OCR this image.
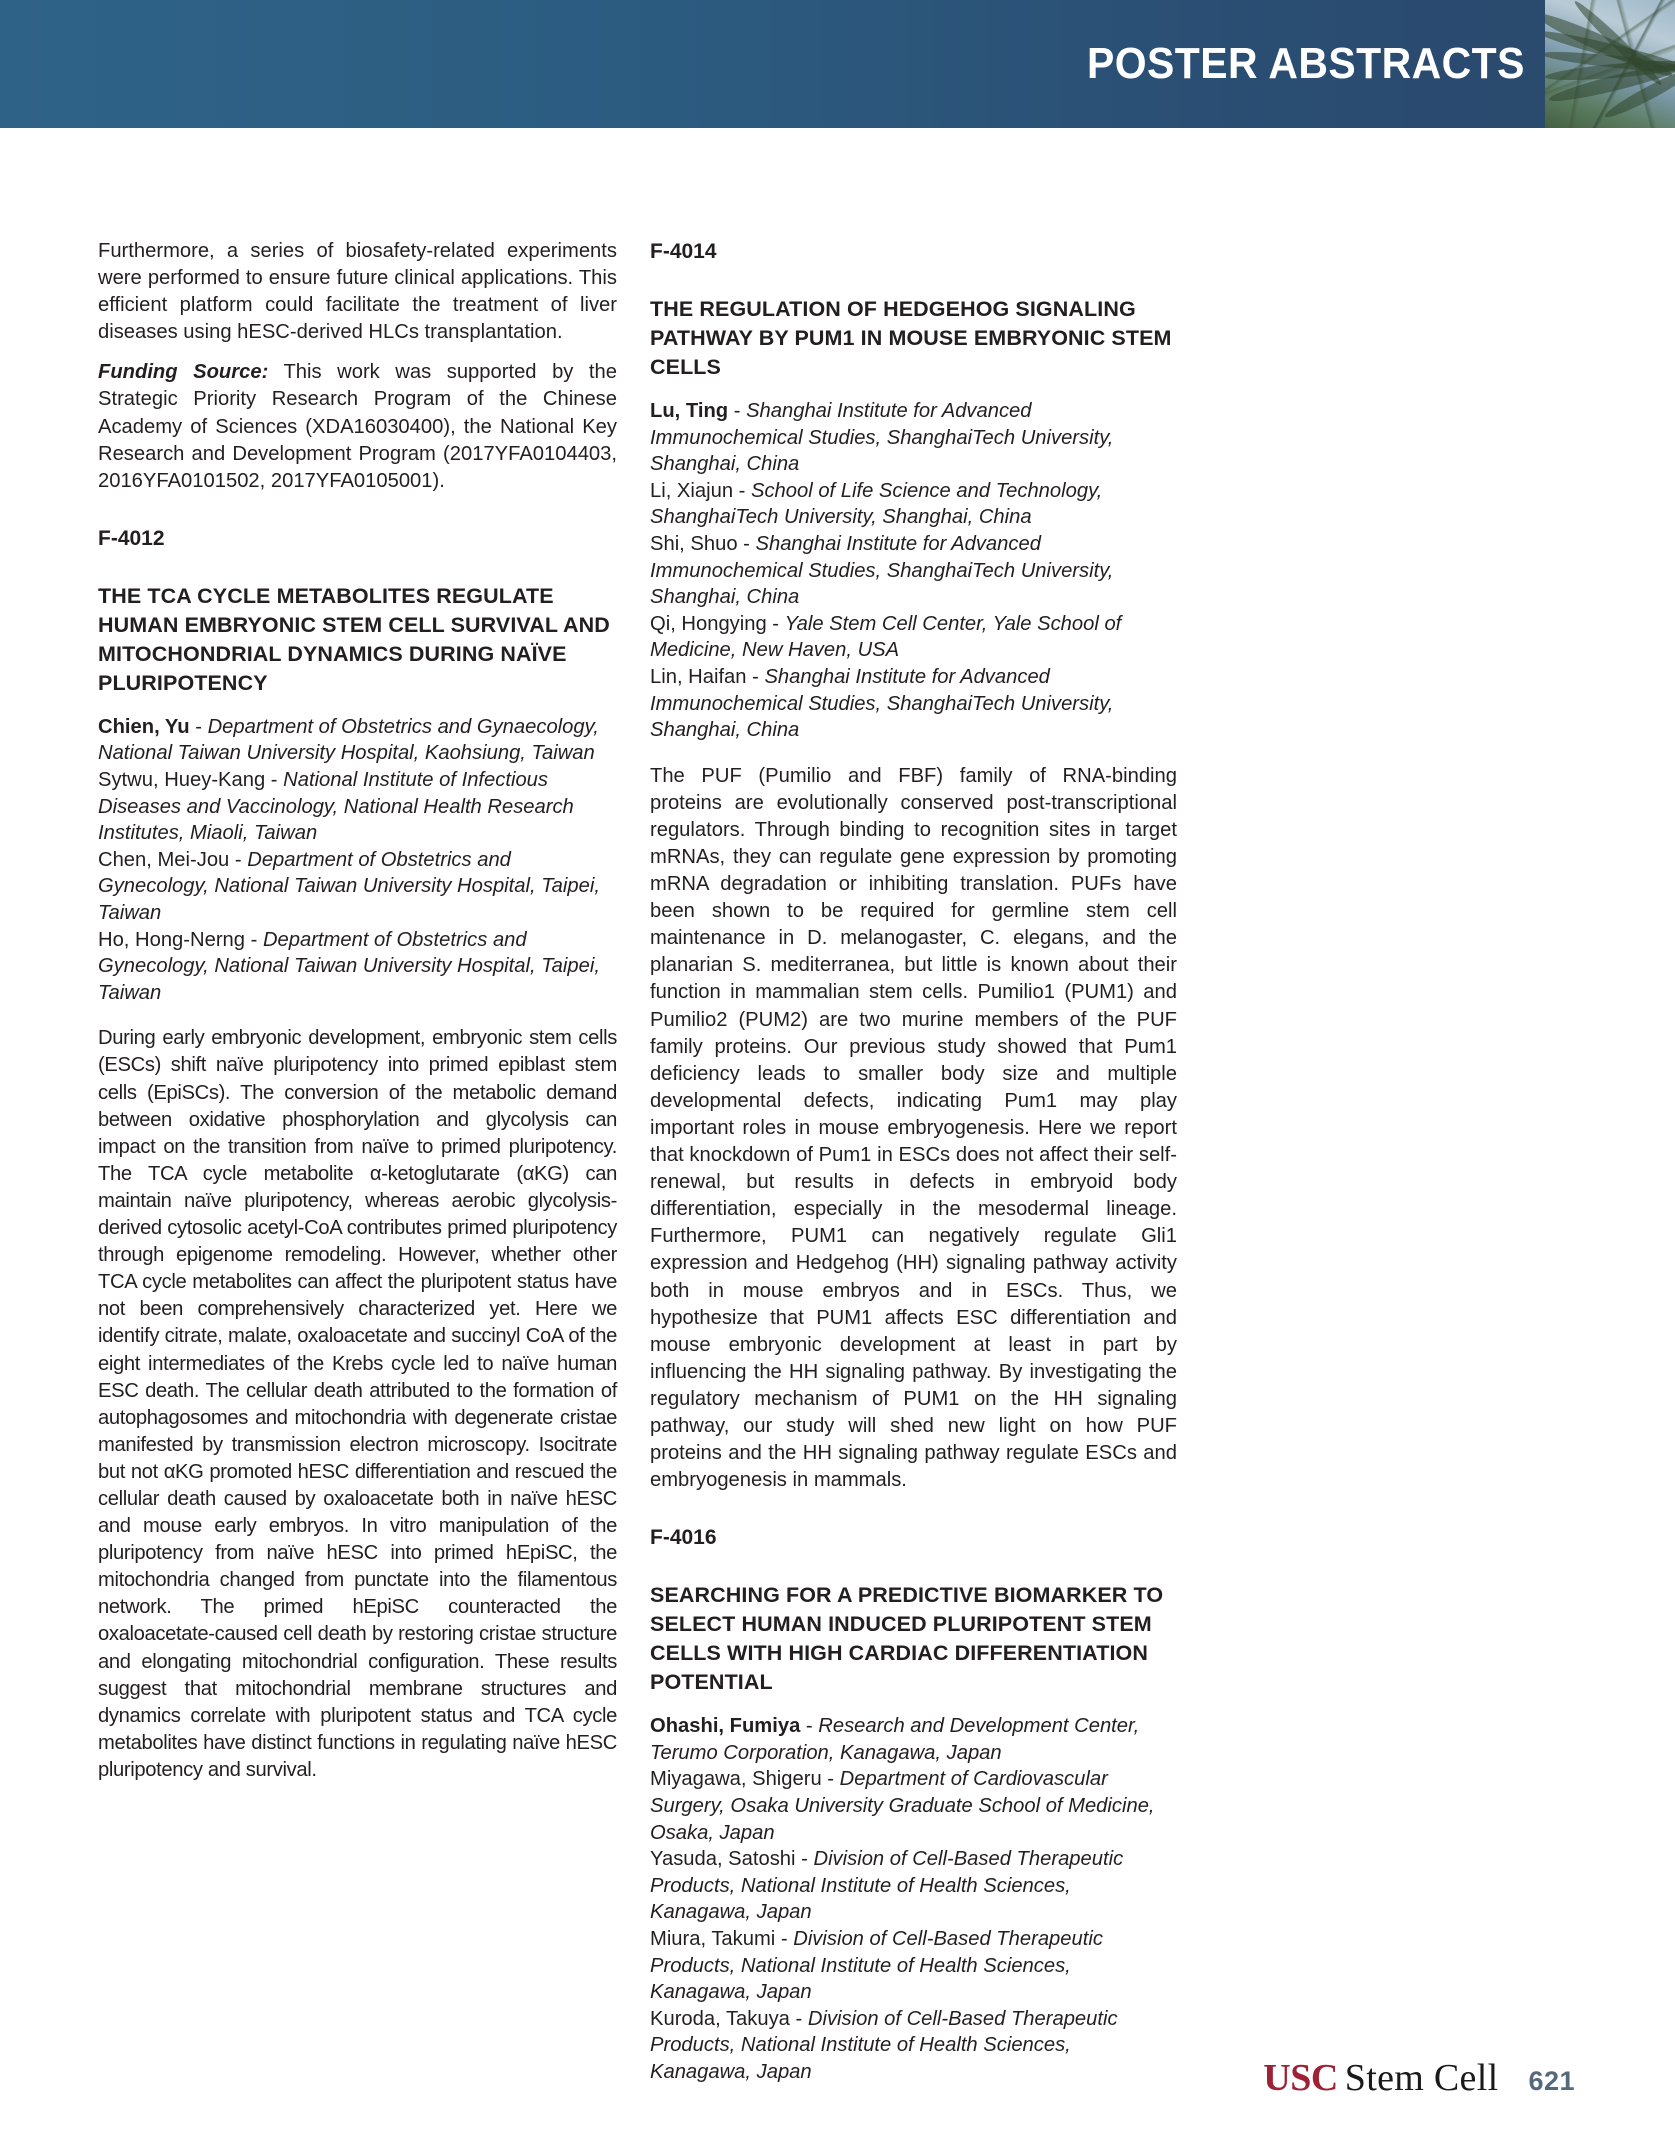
POSTER ABSTRACTS

Furthermore, a series of biosafety-related experiments were performed to ensure future clinical applications. This efficient platform could facilitate the treatment of liver diseases using hESC-derived HLCs transplantation.

Funding Source: This work was supported by the Strategic Priority Research Program of the Chinese Academy of Sciences (XDA16030400), the National Key Research and Development Program (2017YFA0104403, 2016YFA0101502, 2017YFA0105001).

F-4012
THE TCA CYCLE METABOLITES REGULATE HUMAN EMBRYONIC STEM CELL SURVIVAL AND MITOCHONDRIAL DYNAMICS DURING NAÏVE PLURIPOTENCY
Chien, Yu - Department of Obstetrics and Gynaecology, National Taiwan University Hospital, Kaohsiung, Taiwan
Sytwu, Huey-Kang - National Institute of Infectious Diseases and Vaccinology, National Health Research Institutes, Miaoli, Taiwan
Chen, Mei-Jou - Department of Obstetrics and Gynecology, National Taiwan University Hospital, Taipei, Taiwan
Ho, Hong-Nerng - Department of Obstetrics and Gynecology, National Taiwan University Hospital, Taipei, Taiwan

During early embryonic development, embryonic stem cells (ESCs) shift naïve pluripotency into primed epiblast stem cells (EpiSCs). The conversion of the metabolic demand between oxidative phosphorylation and glycolysis can impact on the transition from naïve to primed pluripotency. The TCA cycle metabolite α-ketoglutarate (αKG) can maintain naïve pluripotency, whereas aerobic glycolysis-derived cytosolic acetyl-CoA contributes primed pluripotency through epigenome remodeling. However, whether other TCA cycle metabolites can affect the pluripotent status have not been comprehensively characterized yet. Here we identify citrate, malate, oxaloacetate and succinyl CoA of the eight intermediates of the Krebs cycle led to naïve human ESC death. The cellular death attributed to the formation of autophagosomes and mitochondria with degenerate cristae manifested by transmission electron microscopy. Isocitrate but not αKG promoted hESC differentiation and rescued the cellular death caused by oxaloacetate both in naïve hESC and mouse early embryos. In vitro manipulation of the pluripotency from naïve hESC into primed hEpiSC, the mitochondria changed from punctate into the filamentous network. The primed hEpiSC counteracted the oxaloacetate-caused cell death by restoring cristae structure and elongating mitochondrial configuration. These results suggest that mitochondrial membrane structures and dynamics correlate with pluripotent status and TCA cycle metabolites have distinct functions in regulating naïve hESC pluripotency and survival.

F-4014
THE REGULATION OF HEDGEHOG SIGNALING PATHWAY BY PUM1 IN MOUSE EMBRYONIC STEM CELLS
Lu, Ting - Shanghai Institute for Advanced Immunochemical Studies, ShanghaiTech University, Shanghai, China
Li, Xiajun - School of Life Science and Technology, ShanghaiTech University, Shanghai, China
Shi, Shuo - Shanghai Institute for Advanced Immunochemical Studies, ShanghaiTech University, Shanghai, China
Qi, Hongying - Yale Stem Cell Center, Yale School of Medicine, New Haven, USA
Lin, Haifan - Shanghai Institute for Advanced Immunochemical Studies, ShanghaiTech University, Shanghai, China

The PUF (Pumilio and FBF) family of RNA-binding proteins are evolutionally conserved post-transcriptional regulators. Through binding to recognition sites in target mRNAs, they can regulate gene expression by promoting mRNA degradation or inhibiting translation. PUFs have been shown to be required for germline stem cell maintenance in D. melanogaster, C. elegans, and the planarian S. mediterranea, but little is known about their function in mammalian stem cells. Pumilio1 (PUM1) and Pumilio2 (PUM2) are two murine members of the PUF family proteins. Our previous study showed that Pum1 deficiency leads to smaller body size and multiple developmental defects, indicating Pum1 may play important roles in mouse embryogenesis. Here we report that knockdown of Pum1 in ESCs does not affect their self-renewal, but results in defects in embryoid body differentiation, especially in the mesodermal lineage. Furthermore, PUM1 can negatively regulate Gli1 expression and Hedgehog (HH) signaling pathway activity both in mouse embryos and in ESCs. Thus, we hypothesize that PUM1 affects ESC differentiation and mouse embryonic development at least in part by influencing the HH signaling pathway. By investigating the regulatory mechanism of PUM1 on the HH signaling pathway, our study will shed new light on how PUF proteins and the HH signaling pathway regulate ESCs and embryogenesis in mammals.

F-4016
SEARCHING FOR A PREDICTIVE BIOMARKER TO SELECT HUMAN INDUCED PLURIPOTENT STEM CELLS WITH HIGH CARDIAC DIFFERENTIATION POTENTIAL
Ohashi, Fumiya - Research and Development Center, Terumo Corporation, Kanagawa, Japan
Miyagawa, Shigeru - Department of Cardiovascular Surgery, Osaka University Graduate School of Medicine, Osaka, Japan
Yasuda, Satoshi - Division of Cell-Based Therapeutic Products, National Institute of Health Sciences, Kanagawa, Japan
Miura, Takumi - Division of Cell-Based Therapeutic Products, National Institute of Health Sciences, Kanagawa, Japan
Kuroda, Takuya - Division of Cell-Based Therapeutic Products, National Institute of Health Sciences, Kanagawa, Japan	USC Stem Cell 621
